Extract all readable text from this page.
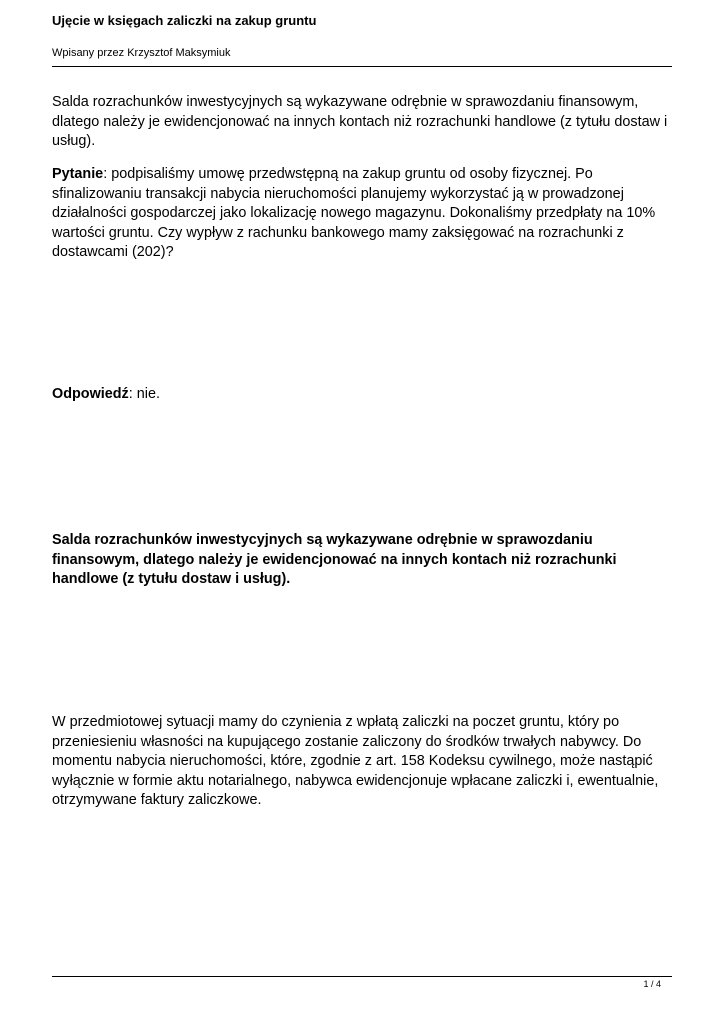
Ujęcie w księgach zaliczki na zakup gruntu
Wpisany przez Krzysztof Maksymiuk

Salda rozrachunków inwestycyjnych są wykazywane odrębnie w sprawozdaniu finansowym, dlatego należy je ewidencjonować na innych kontach niż rozrachunki handlowe (z tytułu dostaw i usług).

Pytanie: podpisaliśmy umowę przedwstępną na zakup gruntu od osoby fizycznej. Po sfinalizowaniu transakcji nabycia nieruchomości planujemy wykorzystać ją w prowadzonej działalności gospodarczej jako lokalizację nowego magazynu. Dokonaliśmy przedpłaty na 10% wartości gruntu. Czy wypływ z rachunku bankowego mamy zaksięgować na rozrachunki z dostawcami (202)?

Odpowiedź: nie.

Salda rozrachunków inwestycyjnych są wykazywane odrębnie w sprawozdaniu finansowym, dlatego należy je ewidencjonować na innych kontach niż rozrachunki handlowe (z tytułu dostaw i usług).

W przedmiotowej sytuacji mamy do czynienia z wpłatą zaliczki na poczet gruntu, który po przeniesieniu własności na kupującego zostanie zaliczony do środków trwałych nabywcy. Do momentu nabycia nieruchomości, które, zgodnie z art. 158 Kodeksu cywilnego, może nastąpić wyłącznie w formie aktu notarialnego, nabywca ewidencjonuje wpłacane zaliczki i, ewentualnie, otrzymywane faktury zaliczkowe.

1 / 4
